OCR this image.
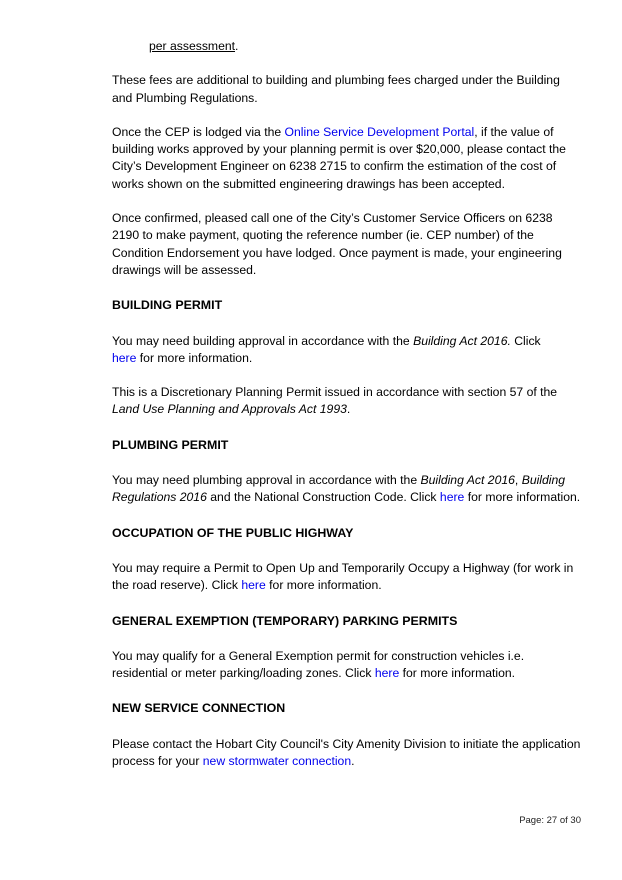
per assessment.

These fees are additional to building and plumbing fees charged under the Building and Plumbing Regulations.

Once the CEP is lodged via the Online Service Development Portal, if the value of building works approved by your planning permit is over $20,000, please contact the City’s Development Engineer on 6238 2715 to confirm the estimation of the cost of works shown on the submitted engineering drawings has been accepted.

Once confirmed, pleased call one of the City’s Customer Service Officers on 6238 2190 to make payment, quoting the reference number (ie. CEP number) of the Condition Endorsement you have lodged. Once payment is made, your engineering drawings will be assessed.

BUILDING PERMIT

You may need building approval in accordance with the Building Act 2016. Click
here for more information.

This is a Discretionary Planning Permit issued in accordance with section 57 of the Land Use Planning and Approvals Act 1993.

PLUMBING PERMIT

You may need plumbing approval in accordance with the Building Act 2016, Building Regulations 2016 and the National Construction Code. Click here for more information.

OCCUPATION OF THE PUBLIC HIGHWAY

You may require a Permit to Open Up and Temporarily Occupy a Highway (for work in the road reserve). Click here for more information.

GENERAL EXEMPTION (TEMPORARY) PARKING PERMITS

You may qualify for a General Exemption permit for construction vehicles i.e. residential or meter parking/loading zones. Click here for more information.

NEW SERVICE CONNECTION

Please contact the Hobart City Council's City Amenity Division to initiate the application process for your new stormwater connection.

Page: 27 of 30
